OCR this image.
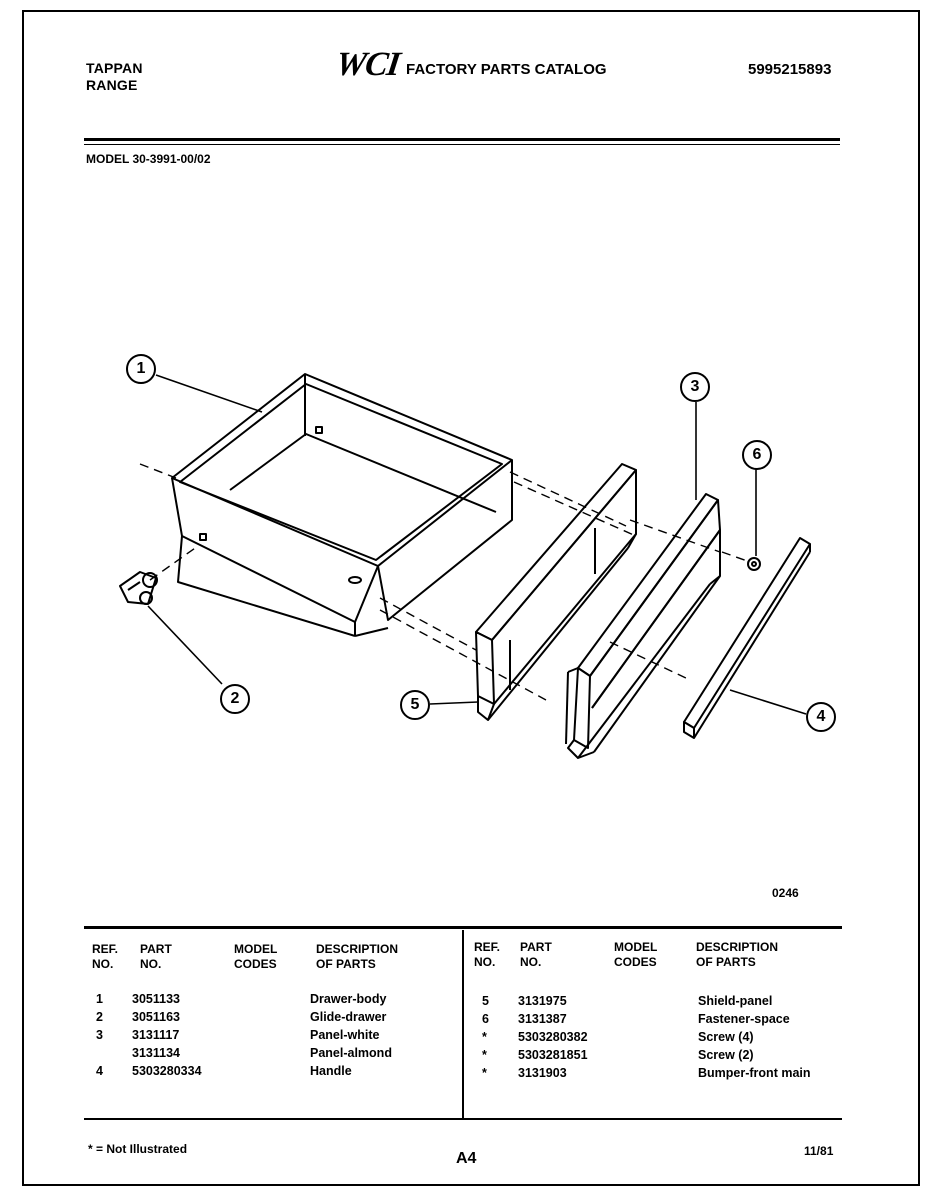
TAPPAN
RANGE
WCI FACTORY PARTS CATALOG	5995215893
MODEL 30-3991-00/02
1
2
3
4
5
6
0246
REF.
NO.
PART
NO.
MODEL
CODES
DESCRIPTION
OF PARTS
REF.
NO.
PART
NO.
MODEL
CODES
DESCRIPTION
OF PARTS
1
2
3

4
3051133
3051163
3131117
3131134
5303280334
Drawer-body
Glide-drawer
Panel-white
Panel-almond
Handle
5
6
*
*
*
3131975
3131387
5303280382
5303281851
3131903
Shield-panel
Fastener-space
Screw (4)
Screw (2)
Bumper-front main
* = Not Illustrated
A4	11/81
